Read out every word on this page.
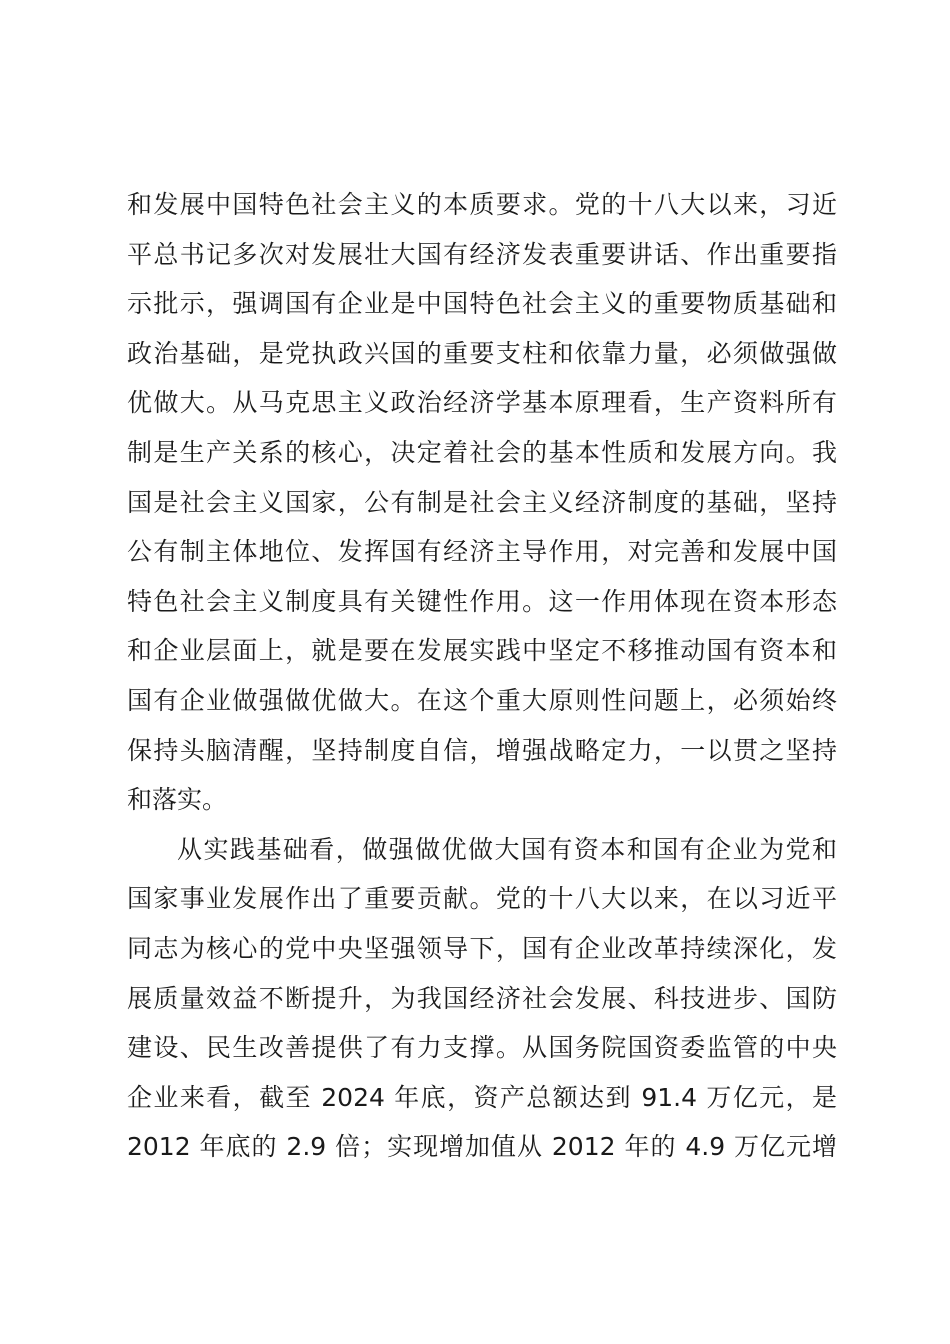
和发展中国特色社会主义的本质要求。党的十八大以来，习近
平总书记多次对发展壮大国有经济发表重要讲话、作出重要指
示批示，强调国有企业是中国特色社会主义的重要物质基础和
政治基础，是党执政兴国的重要支柱和依靠力量，必须做强做
优做大。从马克思主义政治经济学基本原理看，生产资料所有
制是生产关系的核心，决定着社会的基本性质和发展方向。我
国是社会主义国家，公有制是社会主义经济制度的基础，坚持
公有制主体地位、发挥国有经济主导作用，对完善和发展中国
特色社会主义制度具有关键性作用。这一作用体现在资本形态
和企业层面上，就是要在发展实践中坚定不移推动国有资本和
国有企业做强做优做大。在这个重大原则性问题上，必须始终
保持头脑清醒，坚持制度自信，增强战略定力，一以贯之坚持
和落实。
从实践基础看，做强做优做大国有资本和国有企业为党和
国家事业发展作出了重要贡献。党的十八大以来，在以习近平
同志为核心的党中央坚强领导下，国有企业改革持续深化，发
展质量效益不断提升，为我国经济社会发展、科技进步、国防
建设、民生改善提供了有力支撑。从国务院国资委监管的中央
企业来看，截至 2024 年底，资产总额达到 91.4 万亿元，是
2012 年底的 2.9 倍；实现增加值从 2012 年的 4.9 万亿元增
